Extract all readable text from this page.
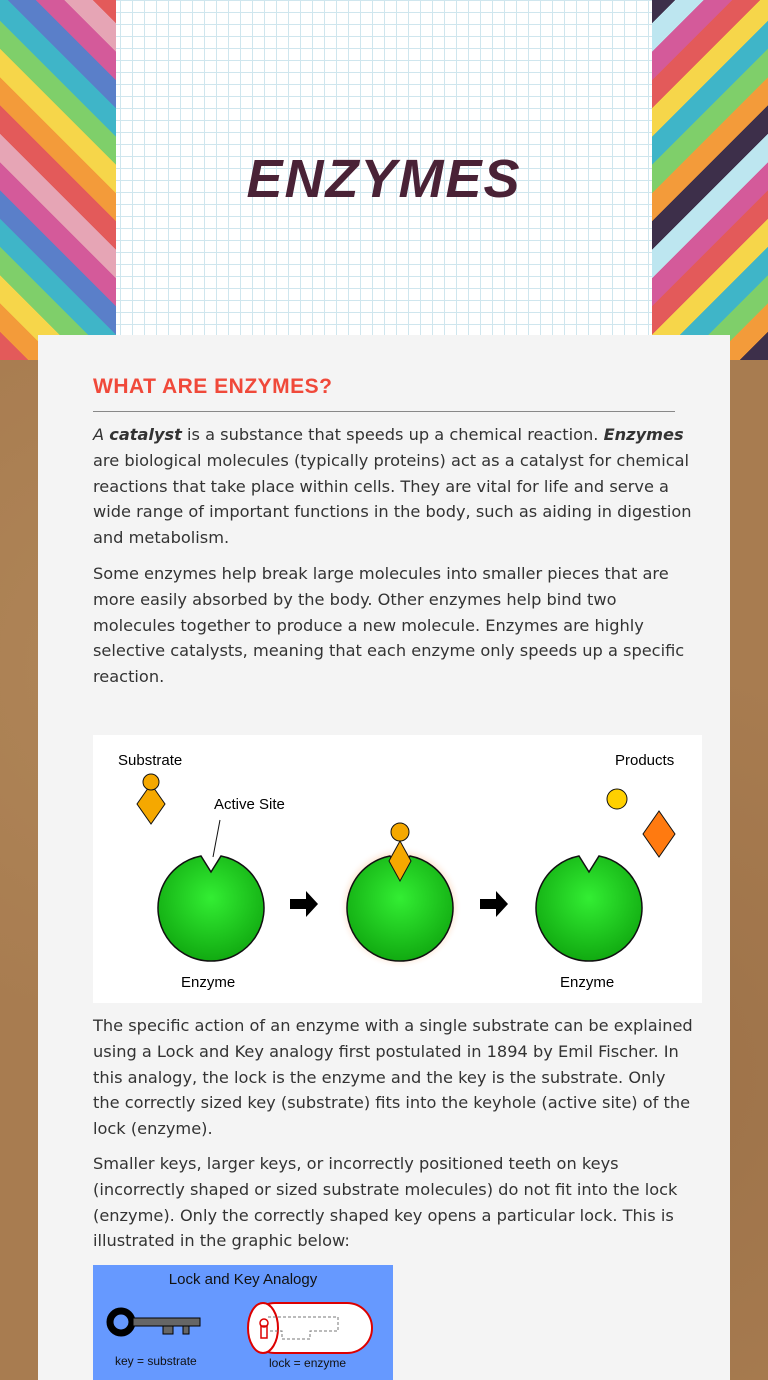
ENZYMES
WHAT ARE ENZYMES?
A catalyst is a substance that speeds up a chemical reaction. Enzymes are biological molecules (typically proteins) act as a catalyst for chemical reactions that take place within cells. They are vital for life and serve a wide range of important functions in the body, such as aiding in digestion and metabolism.
Some enzymes help break large molecules into smaller pieces that are more easily absorbed by the body. Other enzymes help bind two molecules together to produce a new molecule. Enzymes are highly selective catalysts, meaning that each enzyme only speeds up a specific reaction.
Substrate
Active Site
Products
Enzyme	Enzyme
The specific action of an enzyme with a single substrate can be explained using a Lock and Key analogy first postulated in 1894 by Emil Fischer. In this analogy, the lock is the enzyme and the key is the substrate. Only the correctly sized key (substrate) fits into the keyhole (active site) of the lock (enzyme).
Smaller keys, larger keys, or incorrectly positioned teeth on keys (incorrectly shaped or sized substrate molecules) do not fit into the lock (enzyme). Only the correctly shaped key opens a particular lock. This is illustrated in the graphic below:
Lock and Key Analogy
key = substrate	lock = enzyme
